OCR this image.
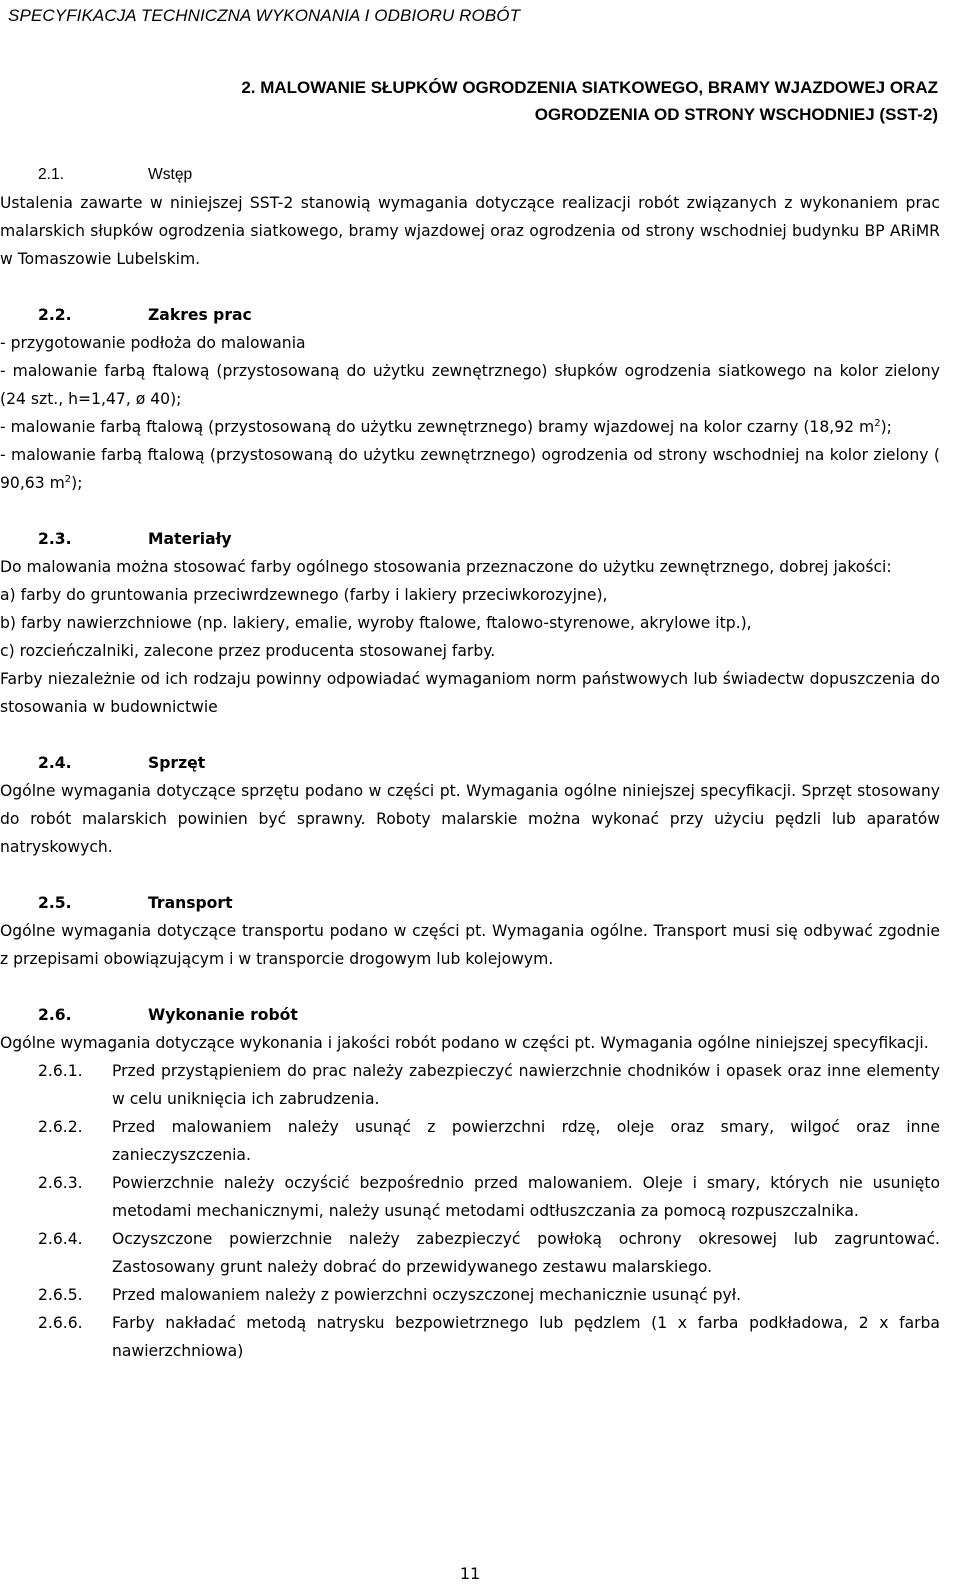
SPECYFIKACJA TECHNICZNA WYKONANIA I ODBIORU ROBÓT
2. MALOWANIE SŁUPKÓW OGRODZENIA SIATKOWEGO, BRAMY WJAZDOWEJ ORAZ
OGRODZENIA OD STRONY WSCHODNIEJ (SST-2)

2.1.	Wstęp

Ustalenia zawarte w niniejszej SST-2 stanowią wymagania dotyczące realizacji robót związanych z wykonaniem prac malarskich słupków ogrodzenia siatkowego, bramy wjazdowej oraz ogrodzenia od strony wschodniej budynku BP ARiMR w Tomaszowie Lubelskim.

2.2.	Zakres prac

- przygotowanie podłoża do malowania

- malowanie farbą ftalową (przystosowaną do użytku zewnętrznego) słupków ogrodzenia siatkowego na kolor zielony (24 szt., h=1,47, ø 40);

- malowanie farbą ftalową (przystosowaną do użytku zewnętrznego) bramy wjazdowej na kolor czarny (18,92 $m^2$);

- malowanie farbą ftalową (przystosowaną do użytku zewnętrznego) ogrodzenia od strony wschodniej na kolor zielony ( 90,63 $m^2$);

2.3.	Materiały

Do malowania można stosować farby ogólnego stosowania przeznaczone do użytku zewnętrznego, dobrej jakości:

a) farby do gruntowania przeciwrdzewnego (farby i lakiery przeciwkorozyjne),

b) farby nawierzchniowe (np. lakiery, emalie, wyroby ftalowe, ftalowo-styrenowe, akrylowe itp.),

c) rozcieńczalniki, zalecone przez producenta stosowanej farby.

Farby niezależnie od ich rodzaju powinny odpowiadać wymaganiom norm państwowych lub świadectw dopuszczenia do stosowania w budownictwie

2.4.	Sprzęt

Ogólne wymagania dotyczące sprzętu podano w części pt. Wymagania ogólne niniejszej specyfikacji. Sprzęt stosowany do robót malarskich powinien być sprawny. Roboty malarskie można wykonać przy użyciu pędzli lub aparatów natryskowych.

2.5.	Transport

Ogólne wymagania dotyczące transportu podano w części pt. Wymagania ogólne. Transport musi się odbywać zgodnie z przepisami obowiązującym i w transporcie drogowym lub kolejowym.

2.6.	Wykonanie robót

Ogólne wymagania dotyczące wykonania i jakości robót podano w części pt. Wymagania ogólne niniejszej specyfikacji.

2.6.1.	Przed przystąpieniem do prac należy zabezpieczyć nawierzchnie chodników i opasek oraz inne elementy w celu uniknięcia ich zabrudzenia.
2.6.2.	Przed malowaniem należy usunąć z powierzchni rdzę, oleje oraz smary, wilgoć oraz inne zanieczyszczenia.
2.6.3.	Powierzchnie należy oczyścić bezpośrednio przed malowaniem. Oleje i smary, których nie usunięto metodami mechanicznymi, należy usunąć metodami odtłuszczania za pomocą rozpuszczalnika.
2.6.4.	Oczyszczone powierzchnie należy zabezpieczyć powłoką ochrony okresowej lub zagruntować. Zastosowany grunt należy dobrać do przewidywanego zestawu malarskiego.
2.6.5.	Przed malowaniem należy z powierzchni oczyszczonej mechanicznie usunąć pył.
2.6.6.	Farby nakładać metodą natrysku bezpowietrznego lub pędzlem (1 x farba podkładowa, 2 x farba nawierzchniowa)
11
